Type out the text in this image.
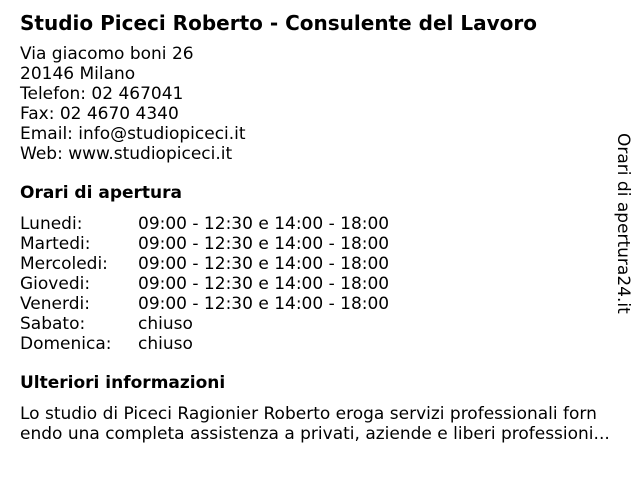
Studio Piceci Roberto - Consulente del Lavoro
Via giacomo boni 26
20146 Milano
Telefon: 02 467041
Fax: 02 4670 4340
Email: info@studiopiceci.it
Web: www.studiopiceci.it
Orari di apertura
Lunedi:	09:00 - 12:30 e 14:00 - 18:00
Martedi:	09:00 - 12:30 e 14:00 - 18:00
Mercoledi:	09:00 - 12:30 e 14:00 - 18:00
Giovedi:	09:00 - 12:30 e 14:00 - 18:00
Venerdi:	09:00 - 12:30 e 14:00 - 18:00
Sabato:	chiuso
Domenica:	chiuso
Ulteriori informazioni
Lo studio di Piceci Ragionier Roberto eroga servizi professionali forn
endo una completa assistenza a privati, aziende e liberi professioni...
Orari di apertura24.it
